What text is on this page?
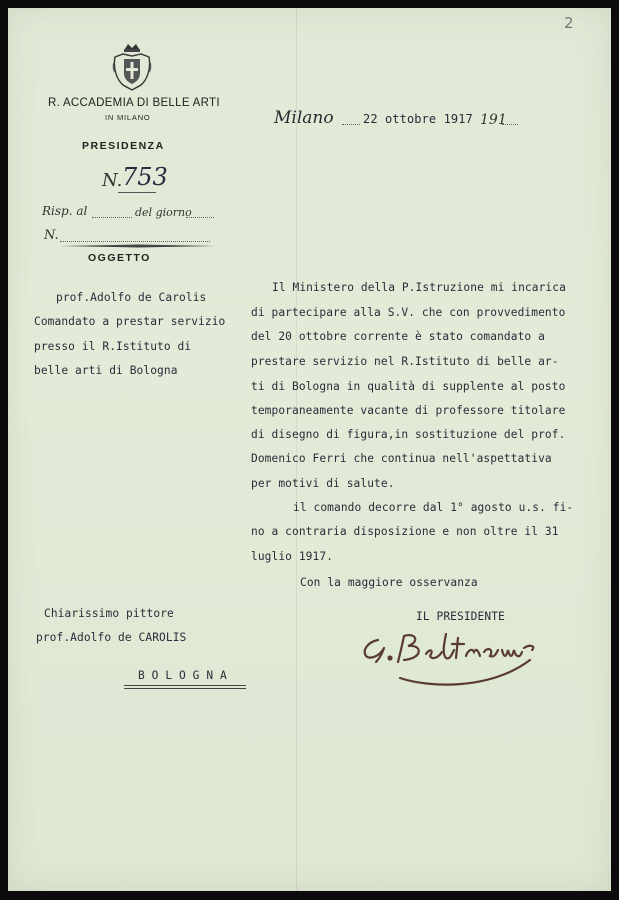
2
R. ACCADEMIA DI BELLE ARTI
IN MILANO
PRESIDENZA
N. 753
Risp. al	del giorno
N.
OGGETTO
Milano 22 ottobre 1917 191
prof.Adolfo de Carolis
Comandato a prestar servizio
presso il R.Istituto di
belle arti di Bologna
Il Ministero della P.Istruzione mi incarica
di partecipare alla S.V. che con provvedimento
del 20 ottobre corrente è stato comandato a
prestare servizio nel R.Istituto di belle ar-
ti di Bologna in qualità di supplente al posto
temporaneamente vacante di professore titolare
di disegno di figura,in sostituzione del prof.
Domenico Ferri che continua nell'aspettativa
per motivi di salute.
il comando decorre dal 1° agosto u.s. fi-
no a contraria disposizione e non oltre il 31
luglio 1917.
Con la maggiore osservanza
IL PRESIDENTE
Chiarissimo pittore
prof.Adolfo de CAROLIS
B O L O G N A
